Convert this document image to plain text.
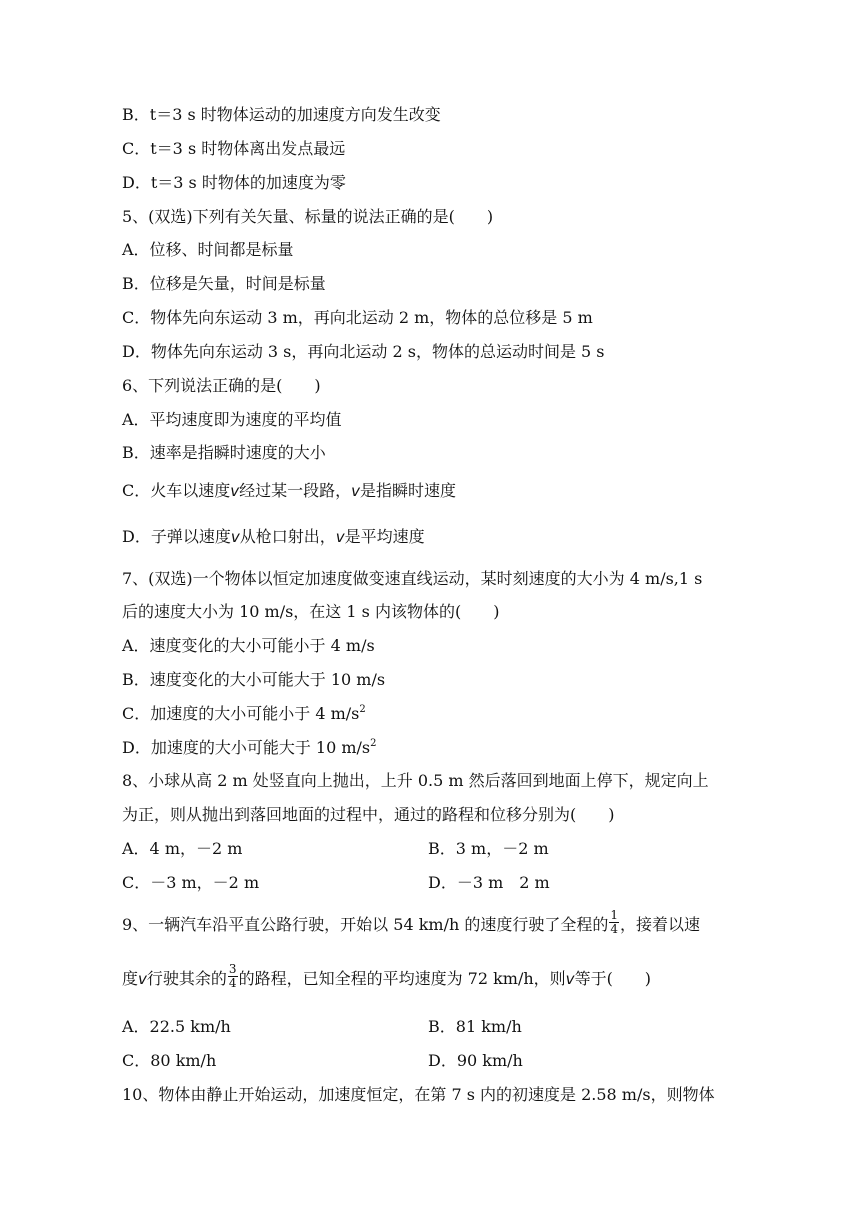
B．t＝3 s 时物体运动的加速度方向发生改变
C．t＝3 s 时物体离出发点最远
D．t＝3 s 时物体的加速度为零
5、(双选)下列有关矢量、标量的说法正确的是(　　)
A．位移、时间都是标量
B．位移是矢量，时间是标量
C．物体先向东运动 3 m，再向北运动 2 m，物体的总位移是 5 m
D．物体先向东运动 3 s，再向北运动 2 s，物体的总运动时间是 5 s
6、下列说法正确的是(　　)
A．平均速度即为速度的平均值
B．速率是指瞬时速度的大小
C．火车以速度v经过某一段路，v是指瞬时速度
D．子弹以速度v从枪口射出，v是平均速度
7、(双选)一个物体以恒定加速度做变速直线运动，某时刻速度的大小为 4 m/s,1 s
后的速度大小为 10 m/s，在这 1 s 内该物体的(　　)
A．速度变化的大小可能小于 4 m/s
B．速度变化的大小可能大于 10 m/s
C．加速度的大小可能小于 4 $m/s^2$
D．加速度的大小可能大于 10 $m/s^2$
8、小球从高 2 m 处竖直向上抛出，上升 0.5 m 然后落回到地面上停下，规定向上
为正，则从抛出到落回地面的过程中，通过的路程和位移分别为(　　)
A．4 m，－2 m	B．3 m，－2 m
C．－3 m，－2 m	D．－3 m　2 m
9、一辆汽车沿平直公路行驶，开始以 54 km/h 的速度行驶了全程的 $\frac{1}{4}$ ，接着以速
度v行驶其余的 $\frac{3}{4}$ 的路程，已知全程的平均速度为 72 km/h，则v等于(　　)
A．22.5 km/h	B．81 km/h
C．80 km/h	D．90 km/h
10、物体由静止开始运动，加速度恒定，在第 7 s 内的初速度是 2.58 m/s，则物体
